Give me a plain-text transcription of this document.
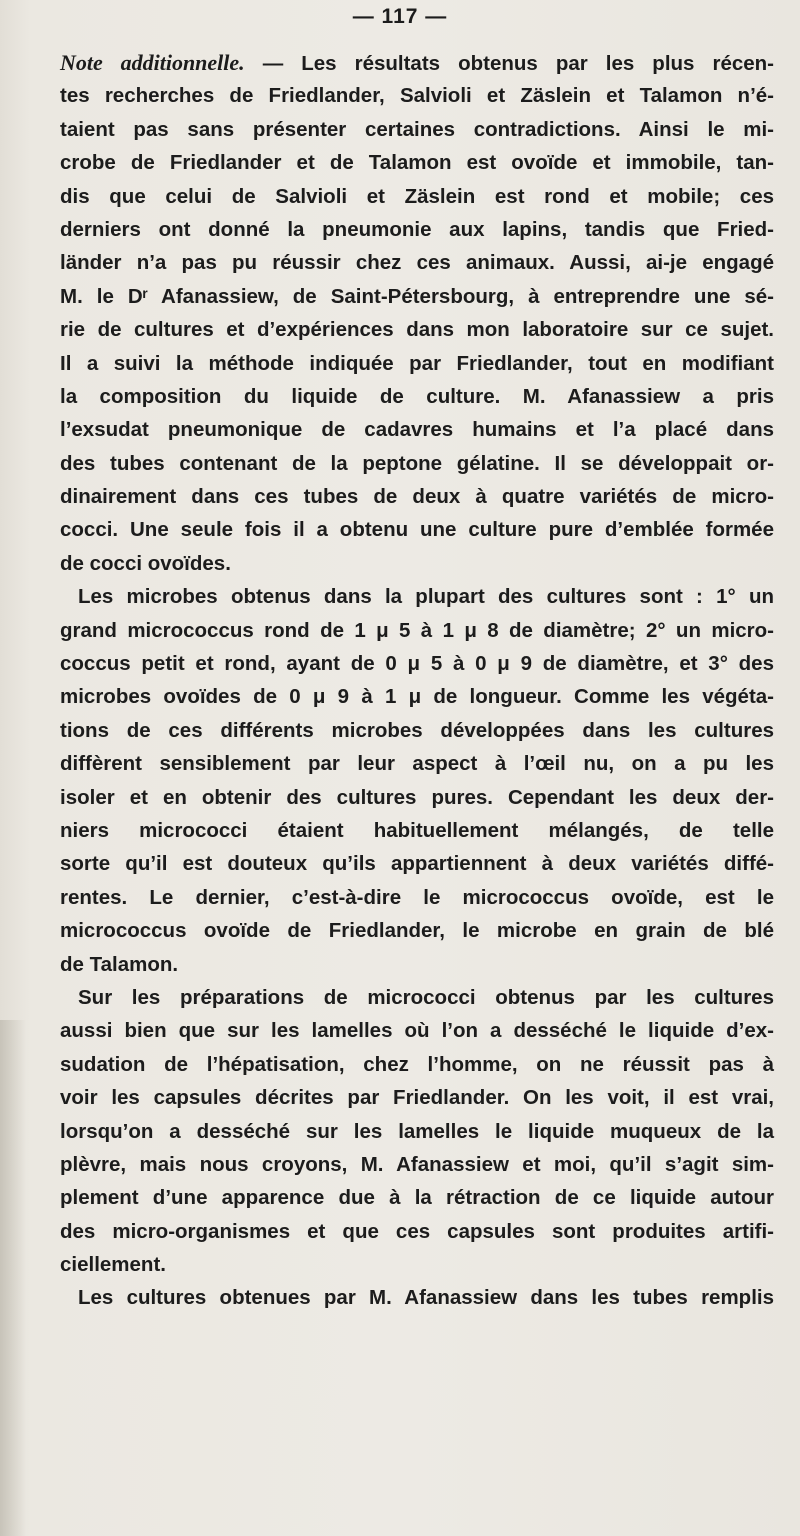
— 117 —
Note additionnelle. — Les résultats obtenus par les plus récen-
tes recherches de Friedlander, Salvioli et Zäslein et Talamon n’é-
taient pas sans présenter certaines contradictions. Ainsi le mi-
crobe de Friedlander et de Talamon est ovoïde et immobile, tan-
dis que celui de Salvioli et Zäslein est rond et mobile; ces
derniers ont donné la pneumonie aux lapins, tandis que Fried-
länder n’a pas pu réussir chez ces animaux. Aussi, ai-je engagé
M. le Dʳ Afanassiew, de Saint-Pétersbourg, à entreprendre une sé-
rie de cultures et d’expériences dans mon laboratoire sur ce sujet.
Il a suivi la méthode indiquée par Friedlander, tout en modifiant
la composition du liquide de culture. M. Afanassiew a pris
l’exsudat pneumonique de cadavres humains et l’a placé dans
des tubes contenant de la peptone gélatine. Il se développait or-
dinairement dans ces tubes de deux à quatre variétés de micro-
cocci. Une seule fois il a obtenu une culture pure d’emblée formée
de cocci ovoïdes.
Les microbes obtenus dans la plupart des cultures sont : 1° un
grand micrococcus rond de 1 μ 5 à 1 μ 8 de diamètre; 2° un micro-
coccus petit et rond, ayant de 0 μ 5 à 0 μ 9 de diamètre, et 3° des
microbes ovoïdes de 0 μ 9 à 1 μ de longueur. Comme les végéta-
tions de ces différents microbes développées dans les cultures
diffèrent sensiblement par leur aspect à l’œil nu, on a pu les
isoler et en obtenir des cultures pures. Cependant les deux der-
niers micrococci étaient habituellement mélangés, de telle
sorte qu’il est douteux qu’ils appartiennent à deux variétés diffé-
rentes. Le dernier, c’est-à-dire le micrococcus ovoïde, est le
micrococcus ovoïde de Friedlander, le microbe en grain de blé
de Talamon.
Sur les préparations de micrococci obtenus par les cultures
aussi bien que sur les lamelles où l’on a desséché le liquide d’ex-
sudation de l’hépatisation, chez l’homme, on ne réussit pas à
voir les capsules décrites par Friedlander. On les voit, il est vrai,
lorsqu’on a desséché sur les lamelles le liquide muqueux de la
plèvre, mais nous croyons, M. Afanassiew et moi, qu’il s’agit sim-
plement d’une apparence due à la rétraction de ce liquide autour
des micro-organismes et que ces capsules sont produites artifi-
ciellement.
Les cultures obtenues par M. Afanassiew dans les tubes remplis
